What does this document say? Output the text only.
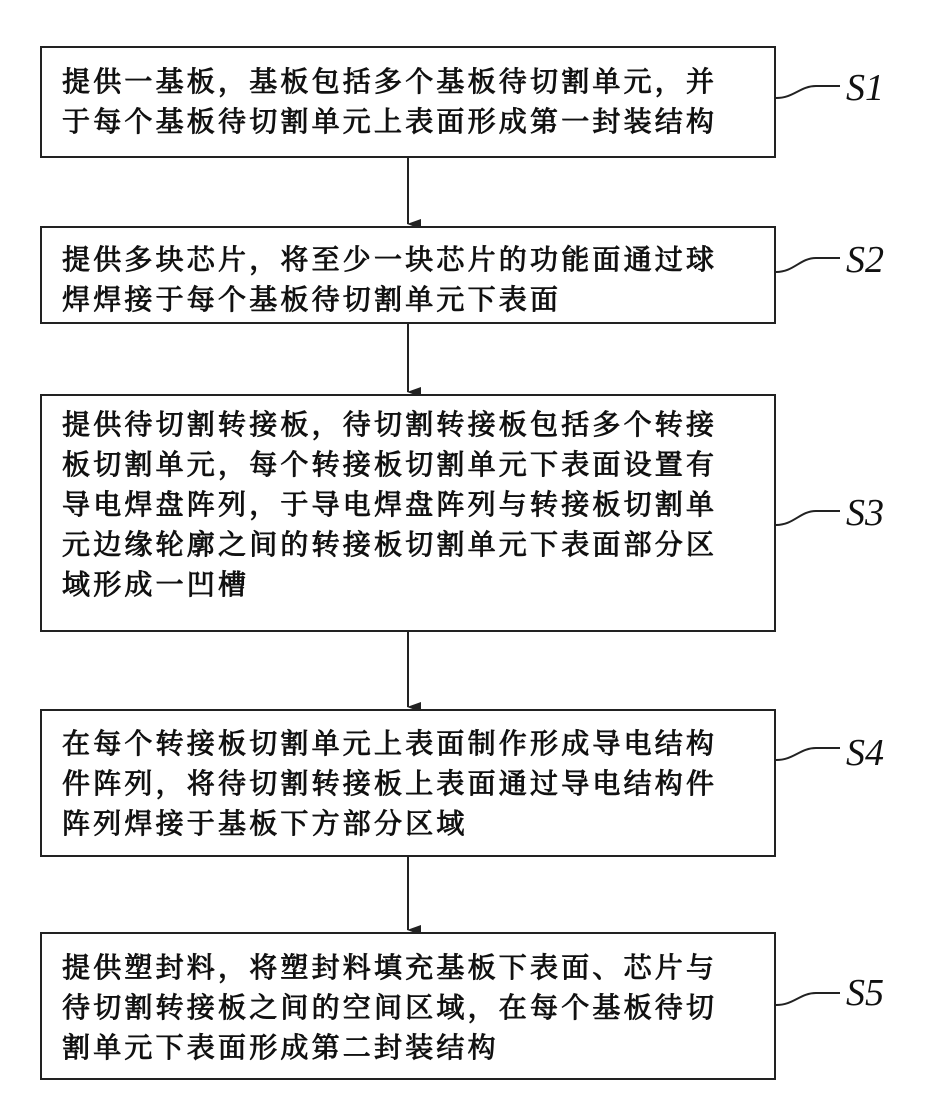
提供一基板，基板包括多个基板待切割单元，并
于每个基板待切割单元上表面形成第一封装结构
提供多块芯片，将至少一块芯片的功能面通过球
焊焊接于每个基板待切割单元下表面
提供待切割转接板，待切割转接板包括多个转接
板切割单元，每个转接板切割单元下表面设置有
导电焊盘阵列，于导电焊盘阵列与转接板切割单
元边缘轮廓之间的转接板切割单元下表面部分区
域形成一凹槽
在每个转接板切割单元上表面制作形成导电结构
件阵列，将待切割转接板上表面通过导电结构件
阵列焊接于基板下方部分区域
提供塑封料，将塑封料填充基板下表面、芯片与
待切割转接板之间的空间区域，在每个基板待切
割单元下表面形成第二封装结构
S1
S2
S3
S4
S5
